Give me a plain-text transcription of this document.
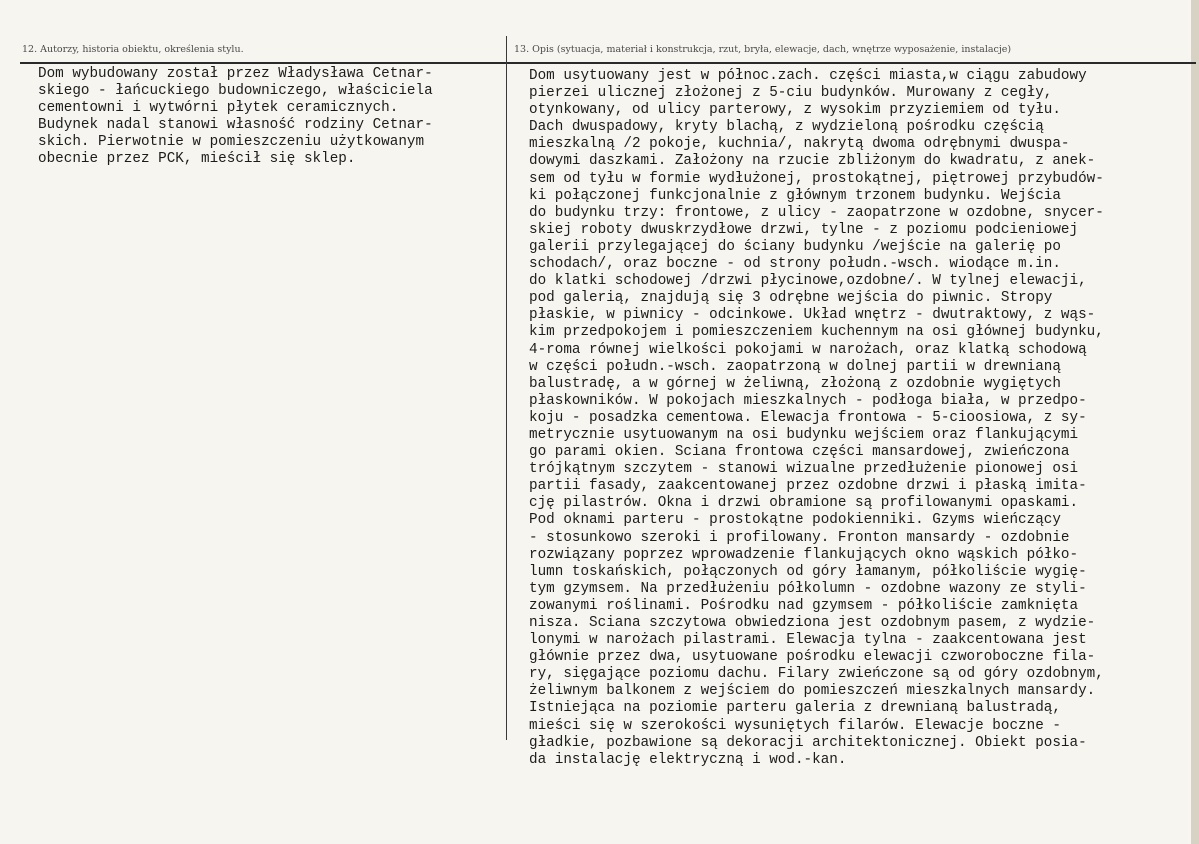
12. Autorzy, historia obiektu, określenia stylu.	13. Opis (sytuacja, materiał i konstrukcja, rzut, bryła, elewacje, dach, wnętrze wyposażenie, instalacje)
Dom wybudowany został przez Władysława Cetnar-
skiego - łańcuckiego budowniczego, właściciela
cementowni i wytwórni płytek ceramicznych.
Budynek nadal stanowi własność rodziny Cetnar-
skich. Pierwotnie w pomieszczeniu użytkowanym
obecnie przez PCK, mieścił się sklep.
Dom usytuowany jest w północ.zach. części miasta,w ciągu zabudowy
pierzei ulicznej złożonej z 5-ciu budynków. Murowany z cegły,
otynkowany, od ulicy parterowy, z wysokim przyziemiem od tyłu.
Dach dwuspadowy, kryty blachą, z wydzieloną pośrodku częścią
mieszkalną /2 pokoje, kuchnia/, nakrytą dwoma odrębnymi dwuspa-
dowymi daszkami. Założony na rzucie zbliżonym do kwadratu, z anek-
sem od tyłu w formie wydłużonej, prostokątnej, piętrowej przybudów-
ki połączonej funkcjonalnie z głównym trzonem budynku. Wejścia
do budynku trzy: frontowe, z ulicy - zaopatrzone w ozdobne, snycer-
skiej roboty dwuskrzydłowe drzwi, tylne - z poziomu podcieniowej
galerii przylegającej do ściany budynku /wejście na galerię po
schodach/, oraz boczne - od strony połudn.-wsch. wiodące m.in.
do klatki schodowej /drzwi płycinowe,ozdobne/. W tylnej elewacji,
pod galerią, znajdują się 3 odrębne wejścia do piwnic. Stropy
płaskie, w piwnicy - odcinkowe. Układ wnętrz - dwutraktowy, z wąs-
kim przedpokojem i pomieszczeniem kuchennym na osi głównej budynku,
4-roma równej wielkości pokojami w narożach, oraz klatką schodową
w części połudn.-wsch. zaopatrzoną w dolnej partii w drewnianą
balustradę, a w górnej w żeliwną, złożoną z ozdobnie wygiętych
płaskowników. W pokojach mieszkalnych - podłoga biała, w przedpo-
koju - posadzka cementowa. Elewacja frontowa - 5-cioosiowa, z sy-
metrycznie usytuowanym na osi budynku wejściem oraz flankującymi
go parami okien. Sciana frontowa części mansardowej, zwieńczona
trójkątnym szczytem - stanowi wizualne przedłużenie pionowej osi
partii fasady, zaakcentowanej przez ozdobne drzwi i płaską imita-
cję pilastrów. Okna i drzwi obramione są profilowanymi opaskami.
Pod oknami parteru - prostokątne podokienniki. Gzyms wieńczący
- stosunkowo szeroki i profilowany. Fronton mansardy - ozdobnie
rozwiązany poprzez wprowadzenie flankujących okno wąskich półko-
lumn toskańskich, połączonych od góry łamanym, półkoliście wygię-
tym gzymsem. Na przedłużeniu półkolumn - ozdobne wazony ze styli-
zowanymi roślinami. Pośrodku nad gzymsem - półkoliście zamknięta
nisza. Sciana szczytowa obwiedziona jest ozdobnym pasem, z wydzie-
lonymi w narożach pilastrami. Elewacja tylna - zaakcentowana jest
głównie przez dwa, usytuowane pośrodku elewacji czworoboczne fila-
ry, sięgające poziomu dachu. Filary zwieńczone są od góry ozdobnym,
żeliwnym balkonem z wejściem do pomieszczeń mieszkalnych mansardy.
Istniejąca na poziomie parteru galeria z drewnianą balustradą,
mieści się w szerokości wysuniętych filarów. Elewacje boczne -
gładkie, pozbawione są dekoracji architektonicznej. Obiekt posia-
da instalację elektryczną i wod.-kan.
